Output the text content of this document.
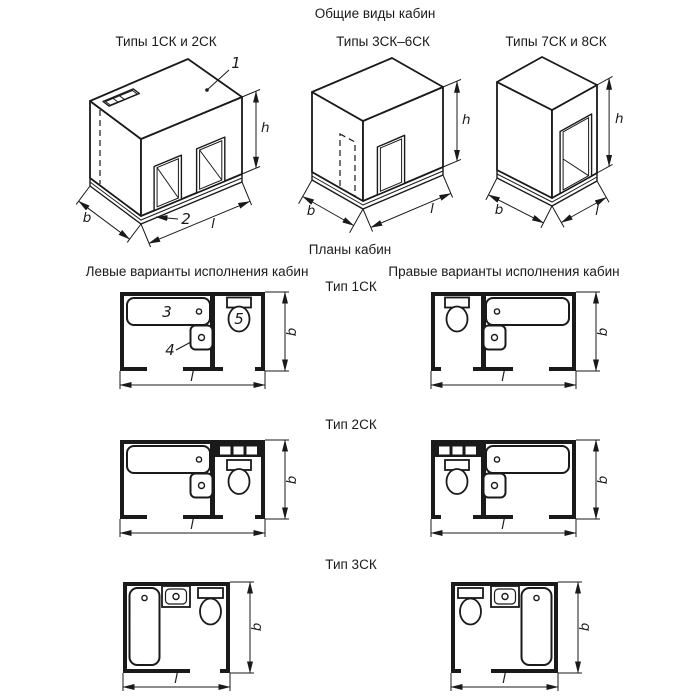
Общие виды кабин
Типы 1СК и 2СК	Типы 3СК–6СК	Типы 7СК и 8СК
Планы кабин
Левые варианты исполнения кабин	Правые варианты исполнения кабин
Тип 1СК
Тип 2СК
Тип 3СК
1
2
h
b	l
h
b	l
h
b	l
3
4
5
b
l
b
l
b
l
b
l
b
l
b
l
